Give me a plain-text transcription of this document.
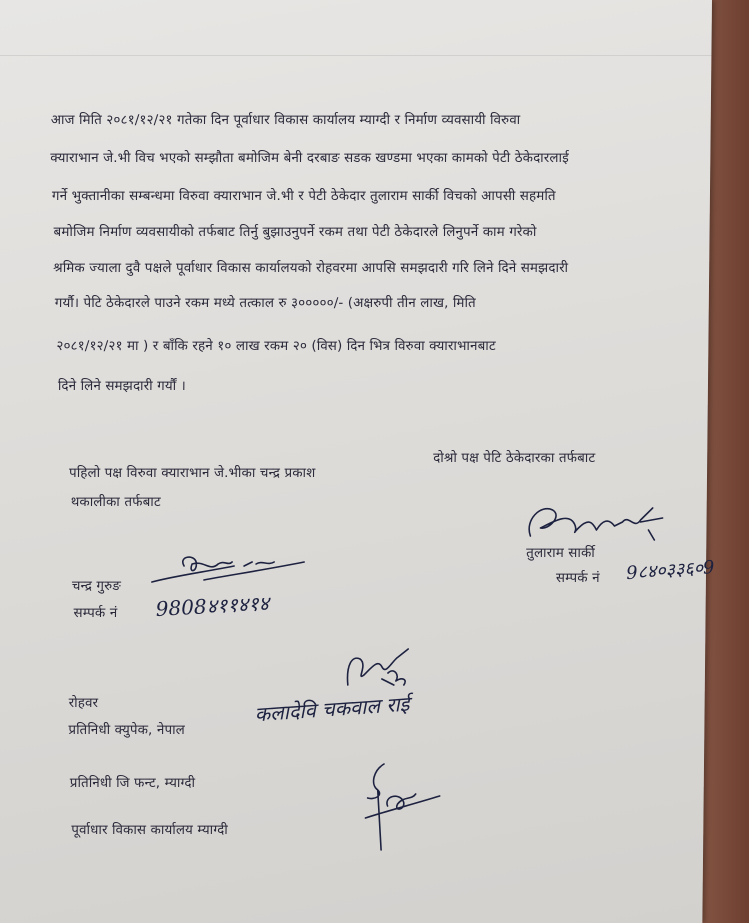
आज मिति २०८१/१२/२१ गतेका दिन पूर्वाधार विकास कार्यालय म्याग्दी र निर्माण व्यवसायी विरुवा
क्याराभान जे.भी विच भएको सम्झौता बमोजिम बेनी दरबाङ सडक खण्डमा भएका कामको पेटी ठेकेदारलाई
गर्ने भुक्तानीका सम्बन्धमा विरुवा क्याराभान जे.भी र पेटी ठेकेदार तुलाराम सार्की विचको आपसी सहमति
बमोजिम निर्माण व्यवसायीको तर्फबाट तिर्नु बुझाउनुपर्ने रकम तथा पेटी ठेकेदारले लिनुपर्ने काम गरेको
श्रमिक ज्याला दुवै पक्षले पूर्वाधार विकास कार्यालयको रोहवरमा आपसि समझदारी गरि लिने दिने समझदारी
गर्यौ। पेटि ठेकेदारले पाउने रकम मध्ये तत्काल रु ३०००००/- (अक्षरुपी तीन लाख, मिति
२०८१/१२/२१ मा ) र बाँकि रहने १० लाख रकम २० (विस) दिन भित्र विरुवा क्याराभानबाट
दिने लिने समझदारी गर्यौं ।
पहिलो पक्ष विरुवा क्याराभान जे.भीका चन्द्र प्रकाश
थकालीका तर्फबाट
दोश्रो पक्ष पेटि ठेकेदारका तर्फबाट
तुलाराम सार्की
सम्पर्क नं 9८४०३३६०9
चन्द्र गुरुङ
सम्पर्क नं 9808४११४१४
रोहवर
प्रतिनिधी क्युपेक, नेपाल
कलादेवि चकवाल राई
प्रतिनिधी जि फन्ट, म्याग्दी
पूर्वाधार विकास कार्यालय म्याग्दी
